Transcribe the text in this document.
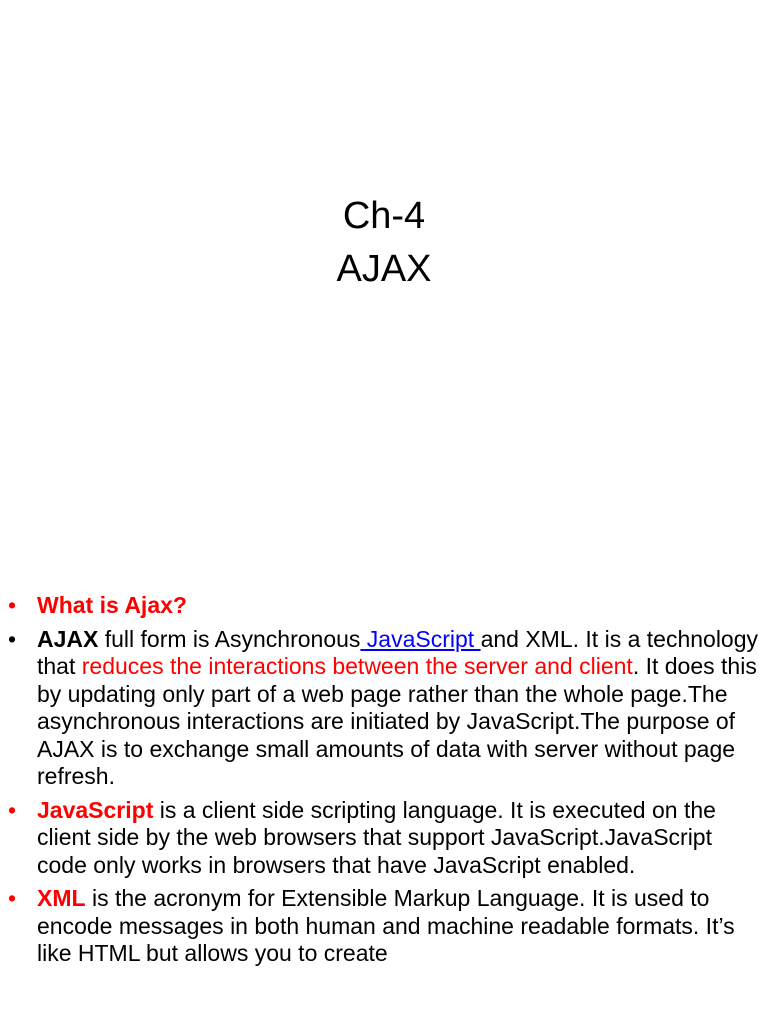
Ch-4
AJAX
• What is Ajax?
• AJAX full form is Asynchronous JavaScript and XML. It is a technology that reduces the interactions between the server and client. It does this by updating only part of a web page rather than the whole page.The asynchronous interactions are initiated by JavaScript.The purpose of AJAX is to exchange small amounts of data with server without page refresh.
• JavaScript is a client side scripting language. It is executed on the client side by the web browsers that support JavaScript.JavaScript code only works in browsers that have JavaScript enabled.
• XML is the acronym for Extensible Markup Language. It is used to encode messages in both human and machine readable formats. It’s like HTML but allows you to create
